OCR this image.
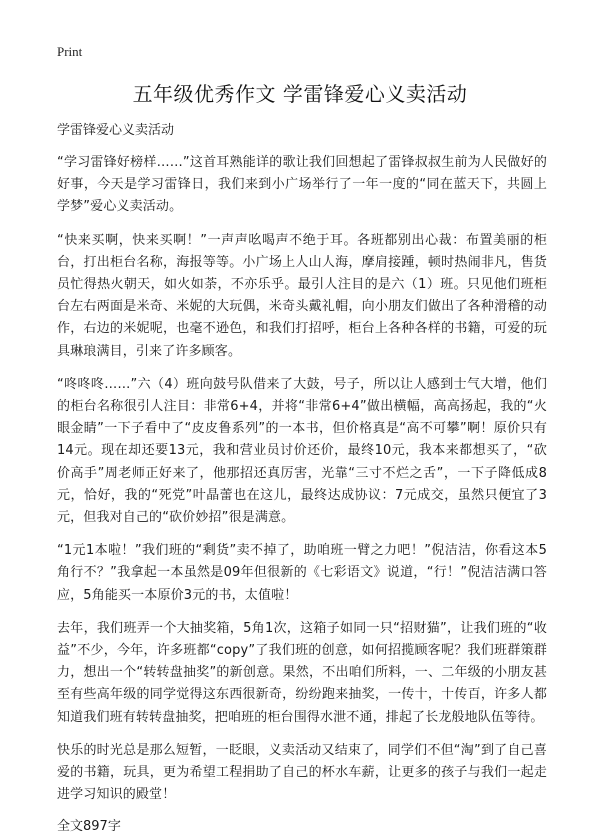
Print
五年级优秀作文 学雷锋爱心义卖活动

学雷锋爱心义卖活动

“学习雷锋好榜样……”这首耳熟能详的歌让我们回想起了雷锋叔叔生前为人民做好的好事，今天是学习雷锋日，我们来到小广场举行了一年一度的“同在蓝天下，共圆上学梦”爱心义卖活动。

“快来买啊，快来买啊！”一声声吆喝声不绝于耳。各班都别出心裁：布置美丽的柜台，打出柜台名称，海报等等。小广场上人山人海，摩肩接踵，顿时热闹非凡，售货员忙得热火朝天，如火如荼，不亦乐乎。最引人注目的是六（1）班。只见他们班柜台左右两面是米奇、米妮的大玩偶，米奇头戴礼帽，向小朋友们做出了各种滑稽的动作，右边的米妮呢，也毫不逊色，和我们打招呼，柜台上各种各样的书籍，可爱的玩具琳琅满目，引来了许多顾客。

“咚咚咚……”六（4）班向鼓号队借来了大鼓，号子，所以让人感到士气大增，他们的柜台名称很引人注目：非常6+4，并将“非常6+4”做出横幅，高高扬起，我的“火眼金睛”一下子看中了“皮皮鲁系列”的一本书，但价格真是“高不可攀”啊！原价只有14元。现在却还要13元，我和营业员讨价还价，最终10元，我本来都想买了，“砍价高手”周老师正好来了，他那招还真厉害，光靠“三寸不烂之舌”，一下子降低成8元，恰好，我的“死党”叶晶蕾也在这儿，最终达成协议：7元成交，虽然只便宜了3元，但我对自己的“砍价妙招”很是满意。

“1元1本啦！”我们班的“剩货”卖不掉了，助咱班一臂之力吧！”倪洁洁，你看这本5角行不？”我拿起一本虽然是09年但很新的《七彩语文》说道，“行！”倪洁洁满口答应，5角能买一本原价3元的书，太值啦！

去年，我们班弄一个大抽奖箱，5角1次，这箱子如同一只“招财猫”，让我们班的“收益”不少，今年，许多班都“copy”了我们班的创意，如何招揽顾客呢？我们班群策群力，想出一个“转转盘抽奖”的新创意。果然，不出咱们所料，一、二年级的小朋友甚至有些高年级的同学觉得这东西很新奇，纷纷跑来抽奖，一传十，十传百，许多人都知道我们班有转转盘抽奖，把咱班的柜台围得水泄不通，排起了长龙般地队伍等待。

快乐的时光总是那么短暂，一眨眼，义卖活动又结束了，同学们不但“淘”到了自己喜爱的书籍，玩具，更为希望工程捐助了自己的杯水车薪，让更多的孩子与我们一起走进学习知识的殿堂！

全文897字
